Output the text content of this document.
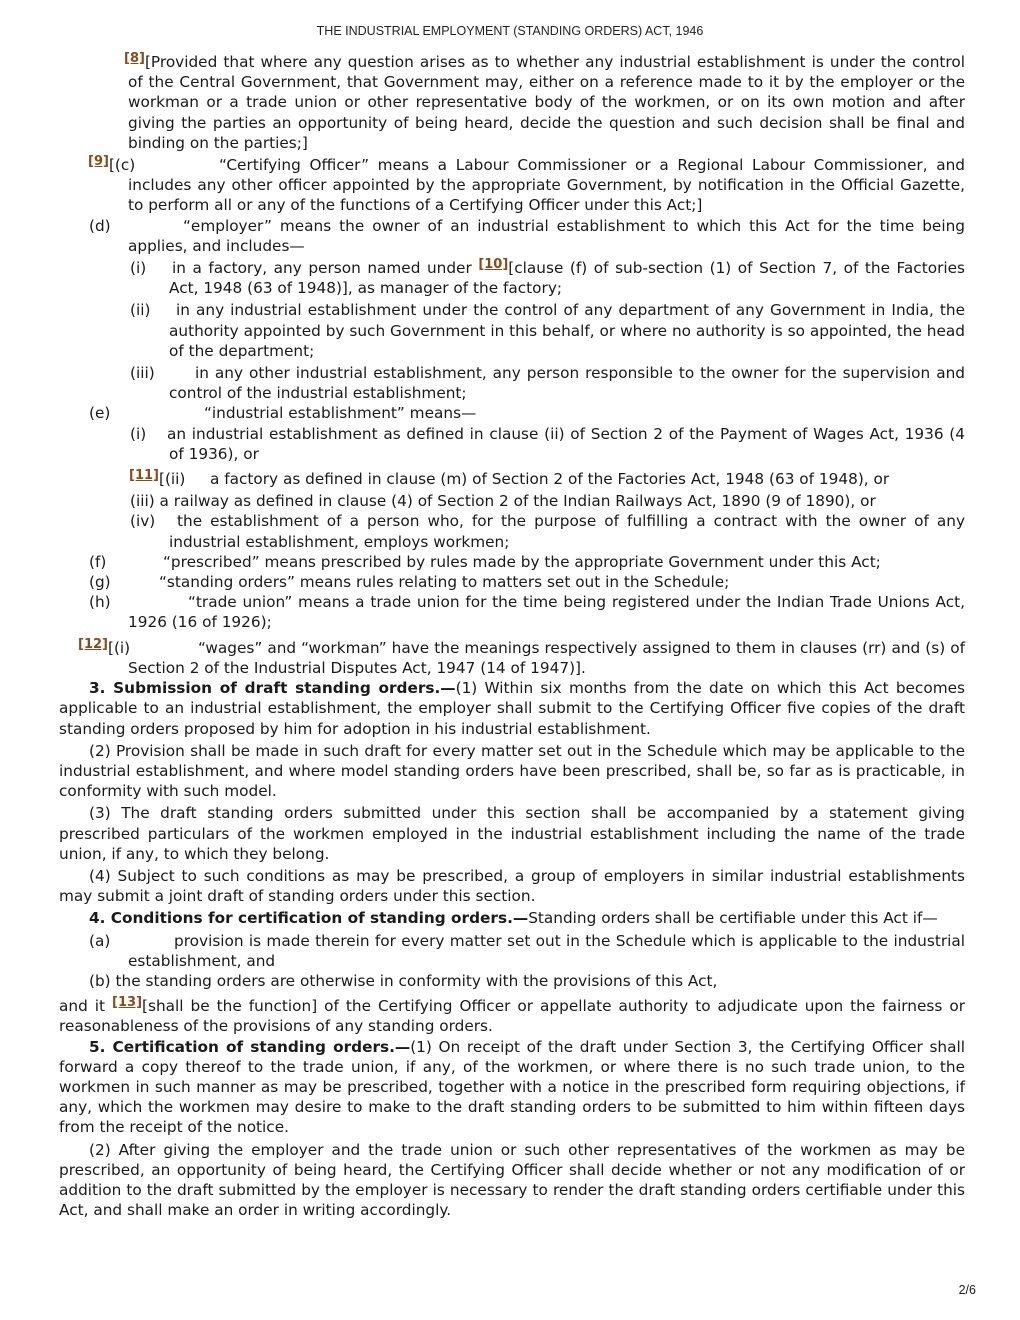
THE INDUSTRIAL EMPLOYMENT (STANDING ORDERS) ACT, 1946

[8][Provided that where any question arises as to whether any industrial establishment is under the control of the Central Government, that Government may, either on a reference made to it by the employer or the workman or a trade union or other representative body of the workmen, or on its own motion and after giving the parties an opportunity of being heard, decide the question and such decision shall be final and binding on the parties;]

[9][(c)	“Certifying Officer” means a Labour Commissioner or a Regional Labour Commissioner, and includes any other officer appointed by the appropriate Government, by notification in the Official Gazette, to perform all or any of the functions of a Certifying Officer under this Act;]

(d)	“employer” means the owner of an industrial establishment to which this Act for the time being applies, and includes—

(i) in a factory, any person named under [10][clause (f) of sub-section (1) of Section 7, of the Factories Act, 1948 (63 of 1948)], as manager of the factory;

(ii)	in any industrial establishment under the control of any department of any Government in India, the authority appointed by such Government in this behalf, or where no authority is so appointed, the head of the department;

(iii)	in any other industrial establishment, any person responsible to the owner for the supervision and control of the industrial establishment;

(e)	“industrial establishment” means—

(i) an industrial establishment as defined in clause (ii) of Section 2 of the Payment of Wages Act, 1936 (4 of 1936), or

[11][(ii)	a factory as defined in clause (m) of Section 2 of the Factories Act, 1948 (63 of 1948), or

(iii) a railway as defined in clause (4) of Section 2 of the Indian Railways Act, 1890 (9 of 1890), or

(iv)	the establishment of a person who, for the purpose of fulfilling a contract with the owner of any industrial establishment, employs workmen;

(f)	“prescribed” means prescribed by rules made by the appropriate Government under this Act;

(g)	“standing orders” means rules relating to matters set out in the Schedule;

(h)	“trade union” means a trade union for the time being registered under the Indian Trade Unions Act, 1926 (16 of 1926);

[12][(i)	“wages” and “workman” have the meanings respectively assigned to them in clauses (rr) and (s) of Section 2 of the Industrial Disputes Act, 1947 (14 of 1947)].

3. Submission of draft standing orders.—(1) Within six months from the date on which this Act becomes applicable to an industrial establishment, the employer shall submit to the Certifying Officer five copies of the draft standing orders proposed by him for adoption in his industrial establishment.

(2) Provision shall be made in such draft for every matter set out in the Schedule which may be applicable to the industrial establishment, and where model standing orders have been prescribed, shall be, so far as is practicable, in conformity with such model.

(3) The draft standing orders submitted under this section shall be accompanied by a statement giving prescribed particulars of the workmen employed in the industrial establishment including the name of the trade union, if any, to which they belong.

(4) Subject to such conditions as may be prescribed, a group of employers in similar industrial establishments may submit a joint draft of standing orders under this section.

4. Conditions for certification of standing orders.—Standing orders shall be certifiable under this Act if—

(a)	provision is made therein for every matter set out in the Schedule which is applicable to the industrial establishment, and

(b) the standing orders are otherwise in conformity with the provisions of this Act,

and it [13][shall be the function] of the Certifying Officer or appellate authority to adjudicate upon the fairness or reasonableness of the provisions of any standing orders.

5. Certification of standing orders.—(1) On receipt of the draft under Section 3, the Certifying Officer shall forward a copy thereof to the trade union, if any, of the workmen, or where there is no such trade union, to the workmen in such manner as may be prescribed, together with a notice in the prescribed form requiring objections, if any, which the workmen may desire to make to the draft standing orders to be submitted to him within fifteen days from the receipt of the notice.

(2) After giving the employer and the trade union or such other representatives of the workmen as may be prescribed, an opportunity of being heard, the Certifying Officer shall decide whether or not any modification of or addition to the draft submitted by the employer is necessary to render the draft standing orders certifiable under this Act, and shall make an order in writing accordingly.

2/6
